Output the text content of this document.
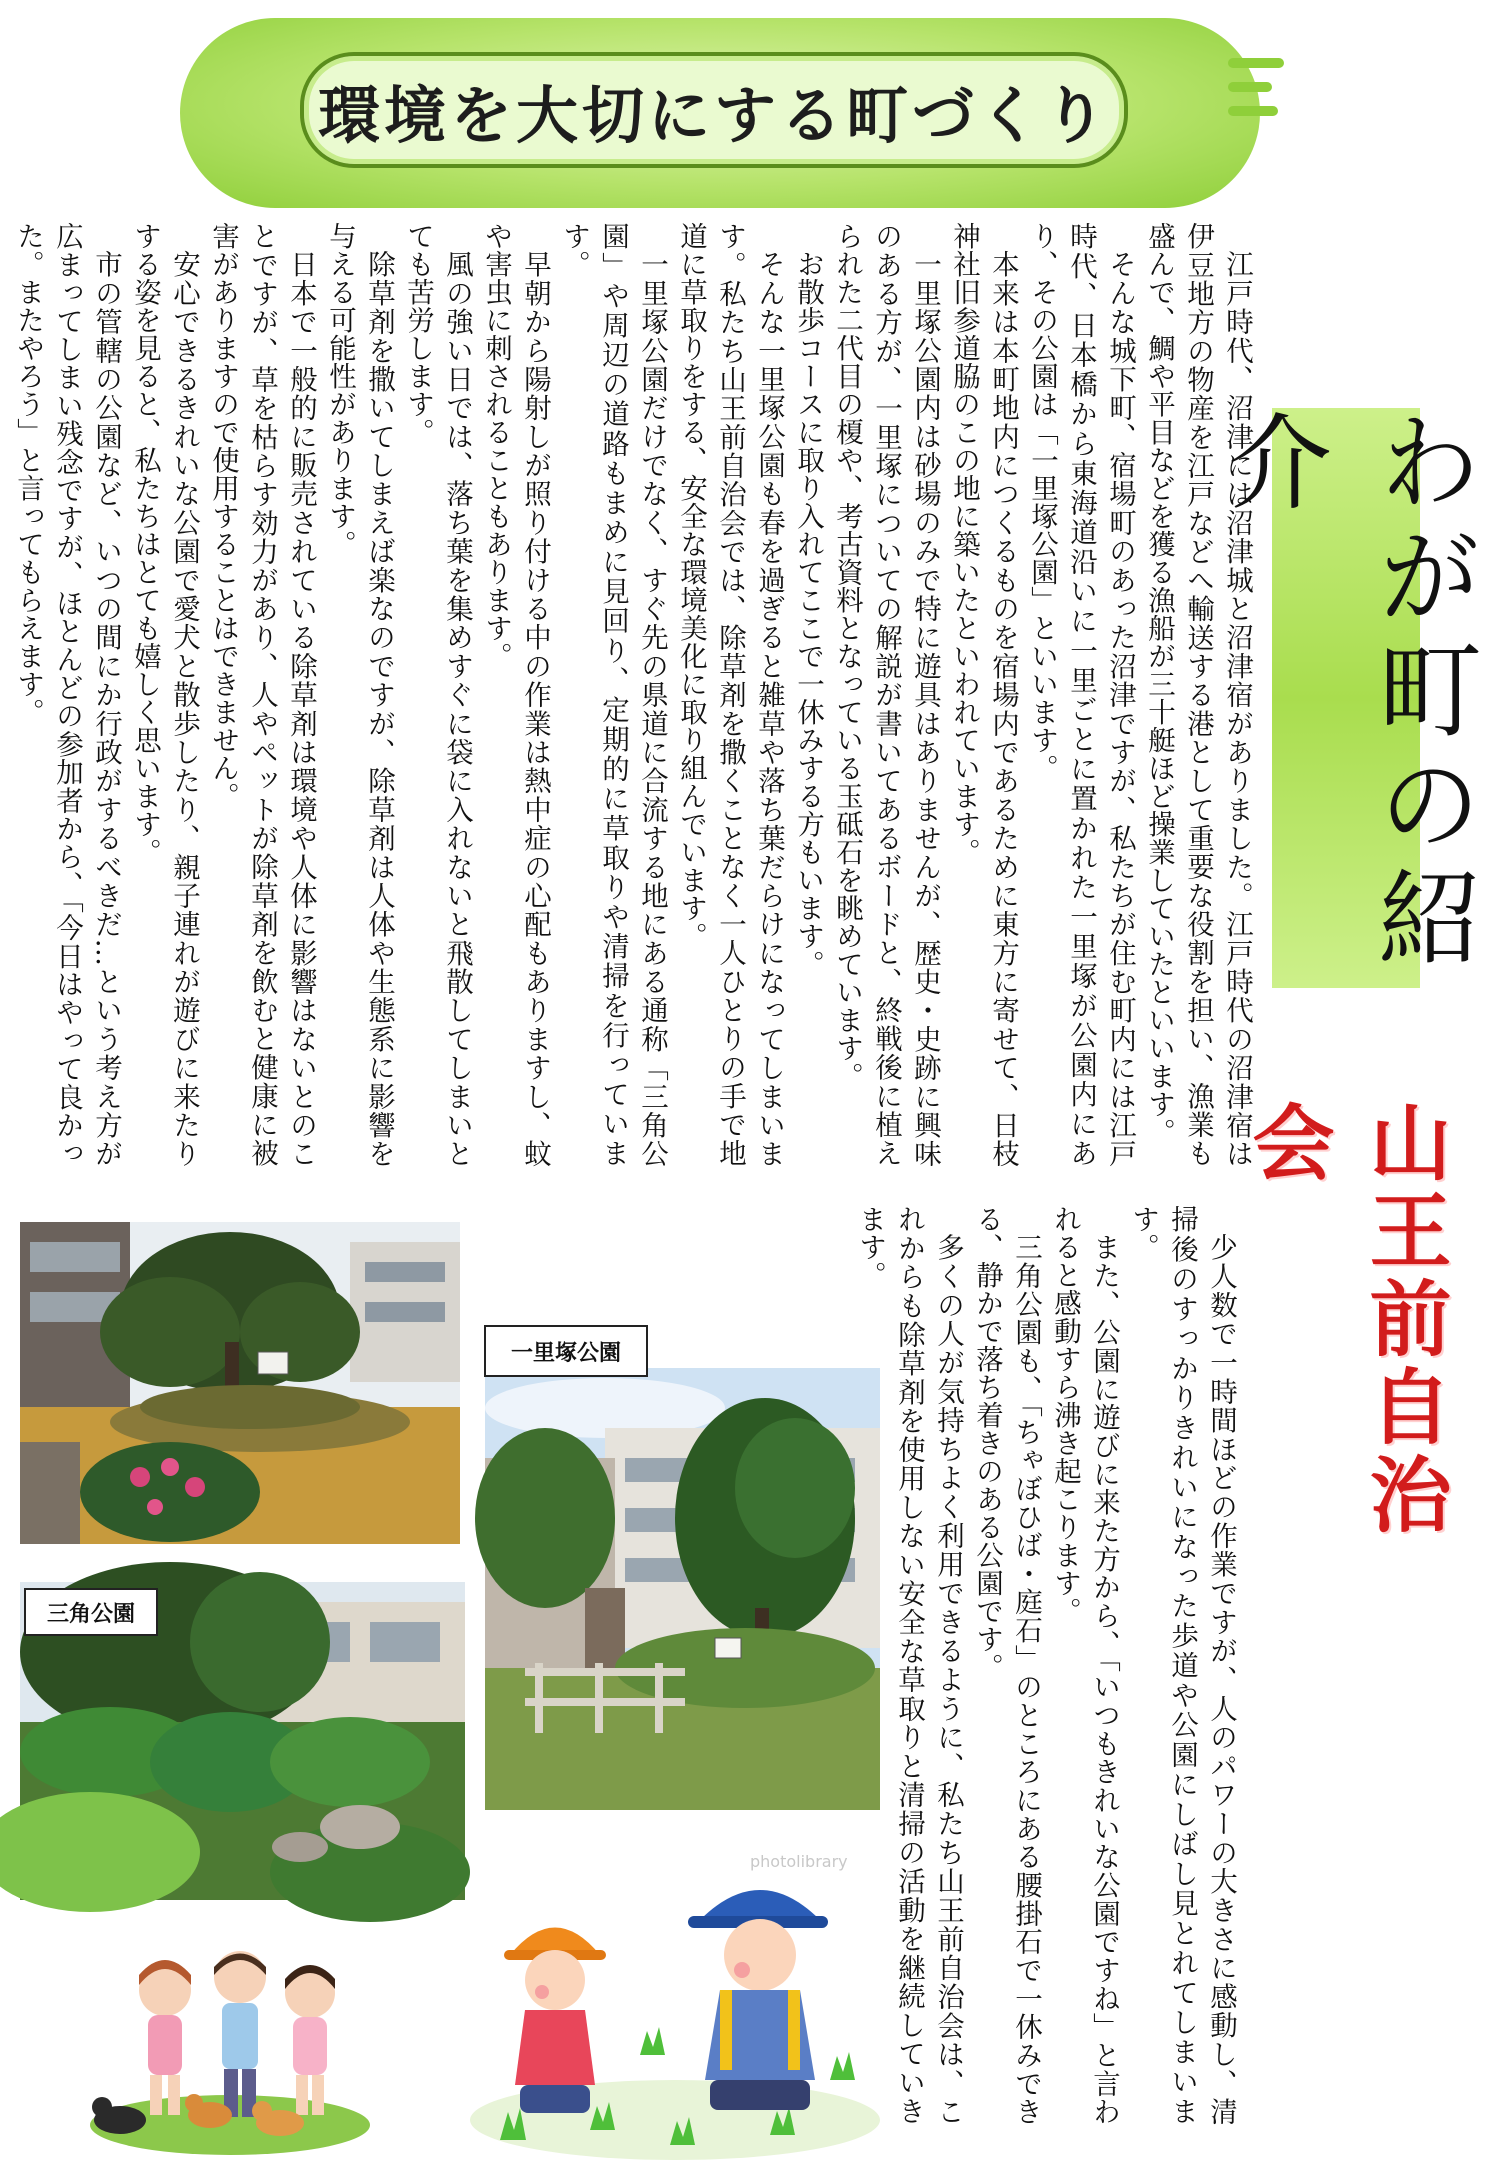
環境を大切にする町づくり

江戸時代、沼津には沼津城と沼津宿がありました。江戸時代の沼津宿は伊豆地方の物産を江戸などへ輸送する港として重要な役割を担い、漁業も盛んで、鯛や平目などを獲る漁船が三十艇ほど操業していたといいます。

そんな城下町、宿場町のあった沼津ですが、私たちが住む町内には江戸時代、日本橋から東海道沿いに一里ごとに置かれた一里塚が公園内にあり、その公園は「一里塚公園」といいます。

本来は本町地内につくるものを宿場内であるために東方に寄せて、日枝神社旧参道脇のこの地に築いたといわれています。

一里塚公園内は砂場のみで特に遊具はありませんが、歴史・史跡に興味のある方が、一里塚についての解説が書いてあるボードと、終戦後に植えられた二代目の榎や、考古資料となっている玉砥石を眺めています。

お散歩コースに取り入れてここで一休みする方もいます。

そんな一里塚公園も春を過ぎると雑草や落ち葉だらけになってしまいます。私たち山王前自治会では、除草剤を撒くことなく一人ひとりの手で地道に草取りをする、安全な環境美化に取り組んでいます。

一里塚公園だけでなく、すぐ先の県道に合流する地にある通称「三角公園」や周辺の道路もまめに見回り、定期的に草取りや清掃を行っています。

早朝から陽射しが照り付ける中の作業は熱中症の心配もありますし、蚊や害虫に刺されることもあります。

風の強い日では、落ち葉を集めすぐに袋に入れないと飛散してしまいとても苦労します。

除草剤を撒いてしまえば楽なのですが、除草剤は人体や生態系に影響を与える可能性があります。

日本で一般的に販売されている除草剤は環境や人体に影響はないとのことですが、草を枯らす効力があり、人やペットが除草剤を飲むと健康に被害がありますので使用することはできません。

安心できるきれいな公園で愛犬と散歩したり、親子連れが遊びに来たりする姿を見ると、私たちはとても嬉しく思います。

市の管轄の公園など、いつの間にか行政がするべきだ…という考え方が広まってしまい残念ですが、ほとんどの参加者から、「今日はやって良かった。またやろう」と言ってもらえます。

少人数で一時間ほどの作業ですが、人のパワーの大きさに感動し、清掃後のすっかりきれいになった歩道や公園にしばし見とれてしまいます。

また、公園に遊びに来た方から、「いつもきれいな公園ですね」と言われると感動すら沸き起こります。

三角公園も、「ちゃぼひば・庭石」のところにある腰掛石で一休みできる、静かで落ち着きのある公園です。

多くの人が気持ちよく利用できるように、私たち山王前自治会は、これからも除草剤を使用しない安全な草取りと清掃の活動を継続していきます。

わが町の紹介
山王前自治会
一里塚公園
三角公園
photolibrary
